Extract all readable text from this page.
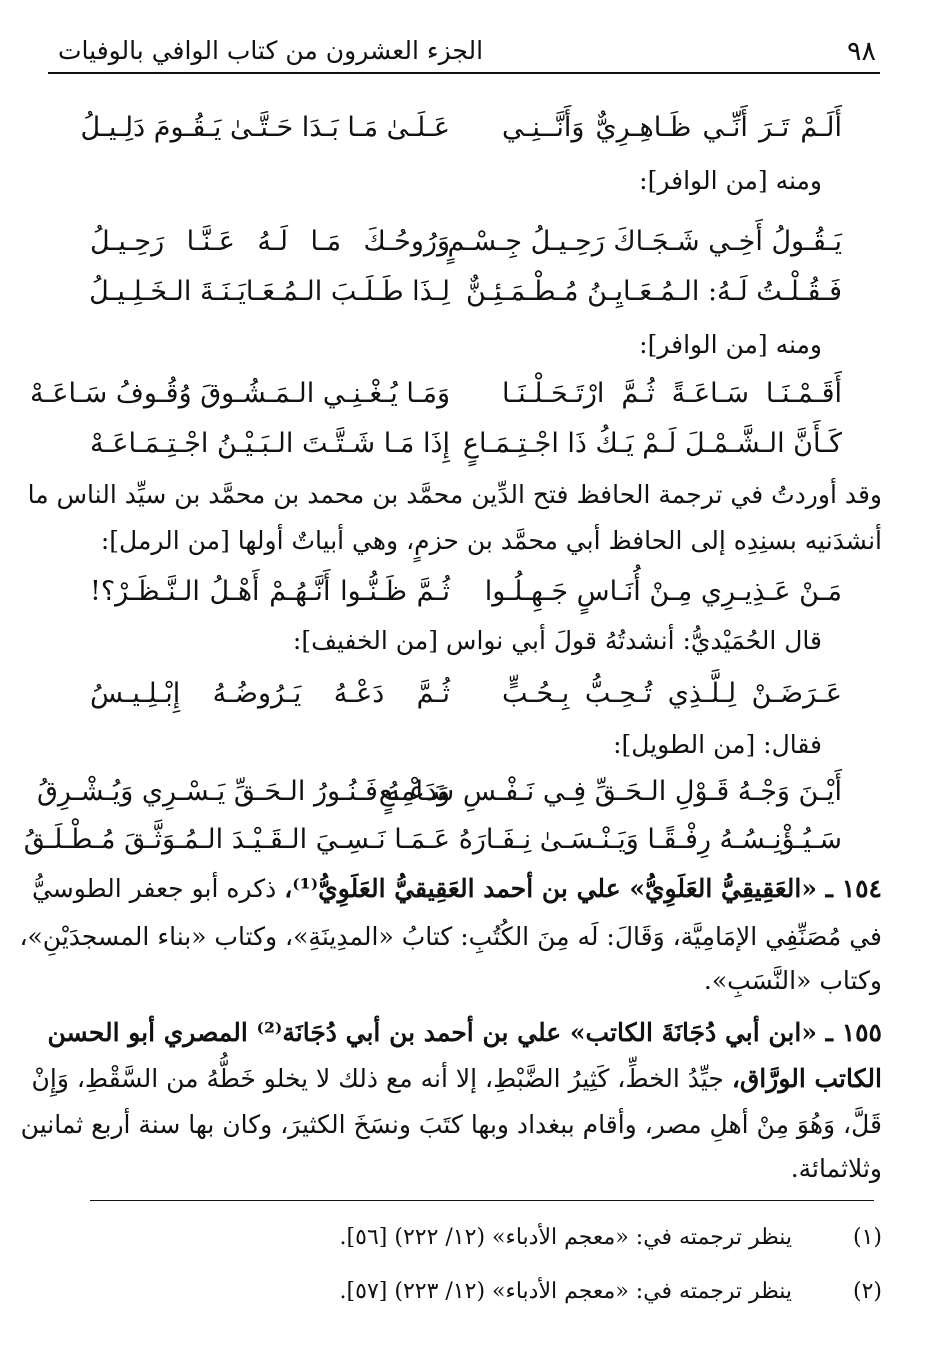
٩٨
الجزء العشرون من كتاب الوافي بالوفيات
أَلَـمْ تَـرَ أَنِّـي ظَـاهِـرِيٌّ وَأَنَّــنِـي
عَـلَـىٰ مَـا بَـدَا حَـتَّـىٰ يَـقُـومَ دَلِـيـلُ
ومنه [من الوافر]:
يَـقُـولُ أَخِـي شَـجَـاكَ رَحِـيـلُ جِـسْـمٍ
وَرُوحُـكَ مَـا لَـهُ عَـنَّـا رَحِـيـلُ
فَـقُـلْـتُ لَـهُ: الـمُـعَـايِـنُ مُـطْـمَـئِـنٌّ
لِـذَا طَـلَـبَ الـمُـعَـايَـنَـةَ الـخَـلِـيـلُ
ومنه [من الوافر]:
أَقَـمْـنَـا سَـاعَـةً ثُـمَّ ارْتَـحَـلْـنَـا
وَمَـا يُـغْـنِـي الـمَـشُـوقَ وُقُـوفُ سَـاعَـهْ
كَـأَنَّ الـشَّـمْـلَ لَـمْ يَـكُ ذَا اجْـتِـمَـاعٍ
إِذَا مَـا شَـتَّـتَ الـبَـيْـنُ اجْـتِـمَـاعَـهْ
وقد أوردتُ في ترجمة الحافظ فتح الدِّين محمَّد بن محمد بن محمَّد بن سيِّد الناس ما
أنشدَنيه بسنِدِه إلى الحافظ أبي محمَّد بن حزمٍ، وهي أبياتٌ أولها [من الرمل]:
مَـنْ عَـذِيـرِي مِـنْ أُنَـاسٍ جَـهِـلُـوا
ثُـمَّ ظَـنُّـوا أَنَّـهُـمْ أَهْـلُ الـنَّـظَـرْ؟!
قال الحُمَيْديُّ: أنشدتُهُ قولَ أبي نواس [من الخفيف]:
عَـرَضَـنْ لِـلَّـذِي تُـحِـبُّ بِـحُـبٍّ
ثُـمَّ دَعْـهُ يَـرُوضُـهُ إِبْـلِـيـسُ
فقال: [من الطويل]:
أَيْـنَ وَجْـهُ قَـوْلِ الـحَـقِّ فِـي نَـفْـسِ سَـامِـعٍ
وَدَعْـهُ فَـنُـورُ الـحَـقِّ يَـسْـرِي وَيُـشْـرِقُ
سَـيُـؤْنِـسُـهُ رِفْـقًـا وَيَـنْـسَـىٰ نِـفَـارَهُ
عَـمَـا نَـسِـيَ الـقَـيْـدَ الـمُـوَثَّـقَ مُـطْـلَـقُ
١٥٤ ـ «العَقِيقِيُّ العَلَوِيُّ» علي بن أحمد العَقِيقيُّ العَلَوِيُّ⁽¹⁾، ذكره أبو جعفر الطوسيُّ
في مُصَنِّفِي الإمَامِيَّة، وَقَالَ: لَه مِنَ الكُتُبِ: كتابُ «المدِينَةِ»، وكتاب «بناء المسجدَيْنِ»،
وكتاب «النَّسَبِ».
١٥٥ ـ «ابن أبي دُجَانَةَ الكاتب» علي بن أحمد بن أبي دُجَانَة⁽²⁾ المصري أبو الحسن
الكاتب الورَّاق، جيِّدُ الخطِّ، كَثِيرُ الضَّبْطِ، إلا أنه مع ذلك لا يخلو خَطُّهُ من السَّقْطِ، وَإِنْ
قَلَّ، وَهُوَ مِنْ أهلِ مصر، وأقام ببغداد وبها كتَبَ ونسَخَ الكثيرَ، وكان بها سنة أربع ثمانين
وثلاثمائة.
(١)
ينظر ترجمته في: «معجم الأدباء» (١٢/ ٢٢٢) [٥٦].
(٢)
ينظر ترجمته في: «معجم الأدباء» (١٢/ ٢٢٣) [٥٧].
